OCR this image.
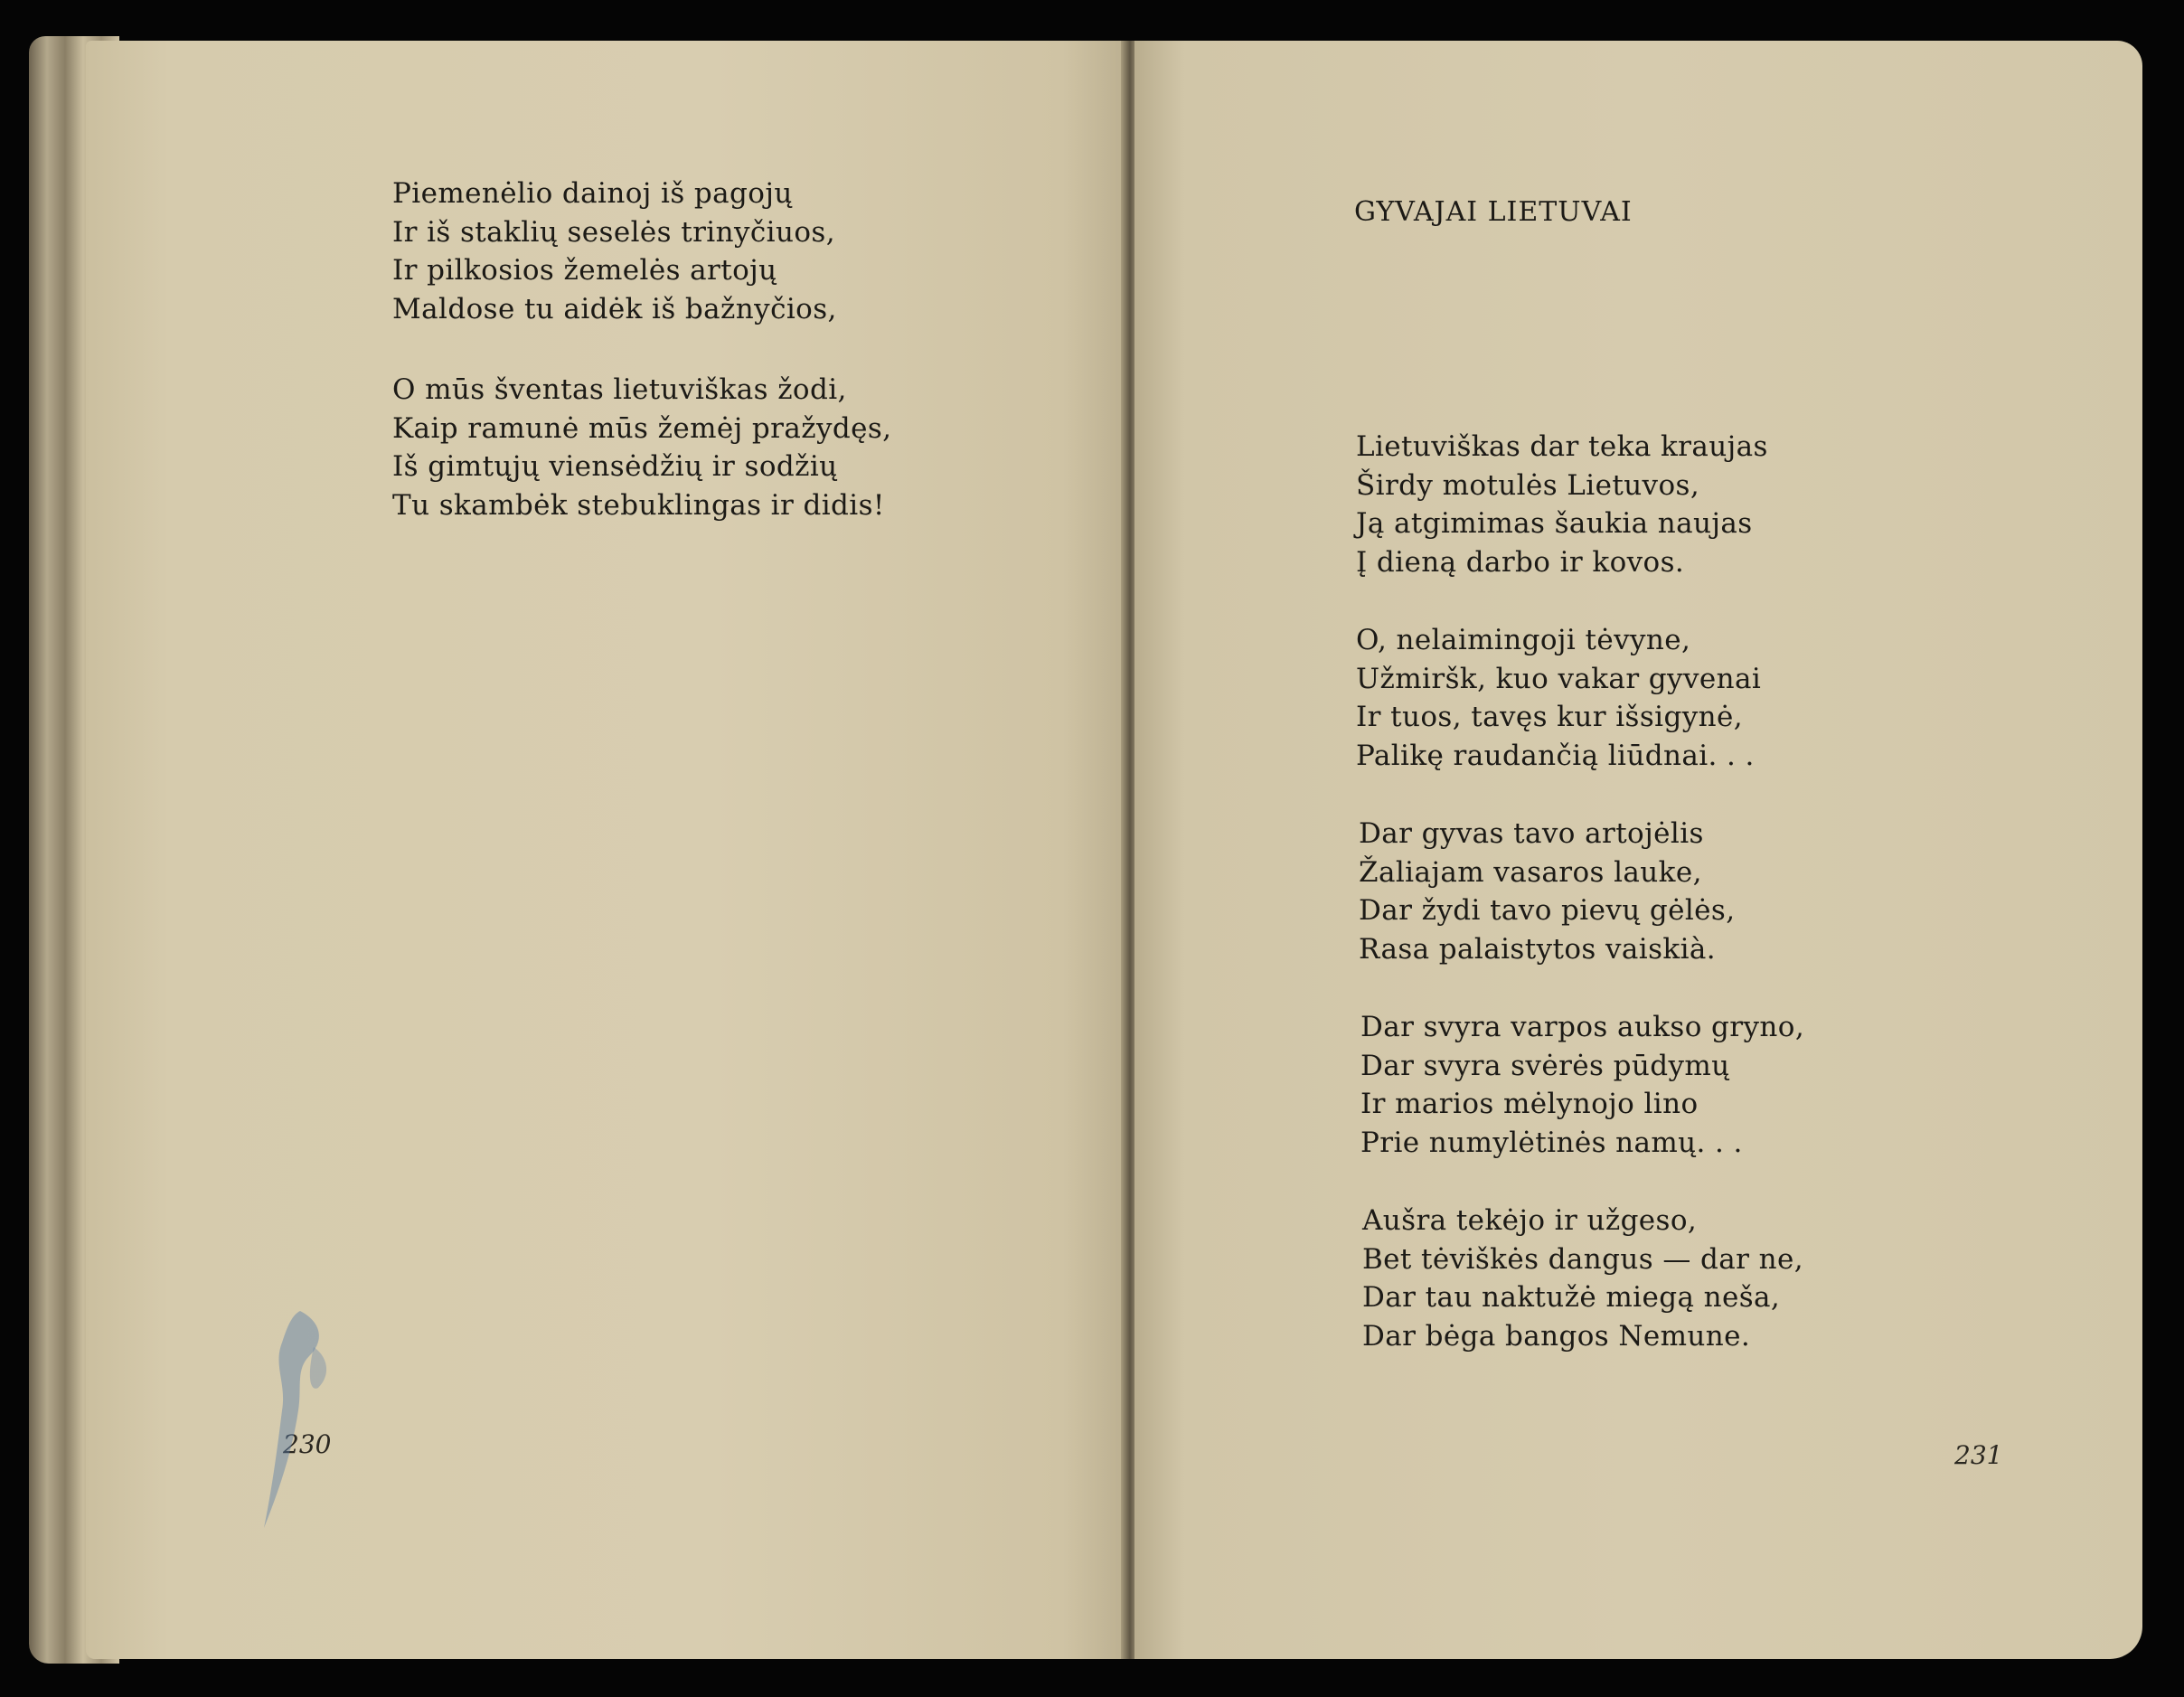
Piemenėlio dainoj iš pagojų
Ir iš staklių seselės trinyčiuos,
Ir pilkosios žemelės artojų
Maldose tu aidėk iš bažnyčios,
O mūs šventas lietuviškas žodi,
Kaip ramunė mūs žemėj pražydęs,
Iš gimtųjų viensėdžių ir sodžių
Tu skambėk stebuklingas ir didis!
230
GYVAJAI LIETUVAI
Lietuviškas dar teka kraujas
Širdy motulės Lietuvos,
Ją atgimimas šaukia naujas
Į dieną darbo ir kovos.
O, nelaimingoji tėvyne,
Užmiršk, kuo vakar gyvenai
Ir tuos, tavęs kur išsigynė,
Palikę raudančią liūdnai. . .
Dar gyvas tavo artojėlis
Žaliajam vasaros lauke,
Dar žydi tavo pievų gėlės,
Rasa palaistytos vaiskià.
Dar svyra varpos aukso gryno,
Dar svyra svėrės pūdymų
Ir marios mėlynojo lino
Prie numylėtinės namų. . .
Aušra tekėjo ir užgeso,
Bet tėviškės dangus — dar ne,
Dar tau naktužė miegą neša,
Dar bėga bangos Nemune.
231
